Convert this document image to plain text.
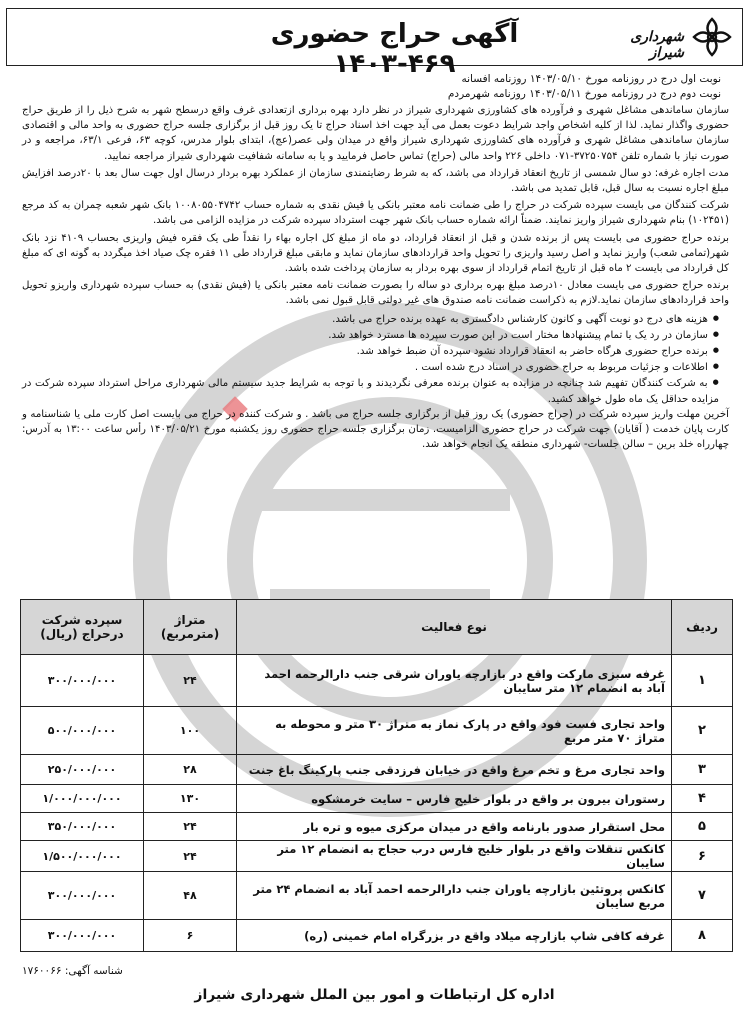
شهرداری شیراز
آگهی حراج حضوری ۴۶۹-۱۴۰۳ نوبت اول درج در روزنامه مورخ ۱۴۰۳/۰۵/۱۰ روزنامه افسانه
نوبت دوم درج در روزنامه مورخ ۱۴۰۳/۰۵/۱۱ روزنامه شهرمردم

سازمان ساماندهی مشاغل شهری و فرآورده های کشاورزی شهرداری شیراز در نظر دارد بهره برداری ازتعدادی غرف واقع درسطح شهر به شرح ذیل را از طریق حراج حضوری واگذار نماید. لذا از کلیه اشخاص واجد شرایط دعوت بعمل می آید جهت اخذ اسناد حراج تا یک روز قبل از برگزاری جلسه حراج حضوری به واحد مالی و اقتصادی سازمان ساماندهی مشاغل شهری و فرآورده های کشاورزی شهرداری شیراز واقع در میدان ولی عصر(عج)، ابتدای بلوار مدرس، کوچه ۶۳، فرعی ۶۳/۱، مراجعه و در صورت نیاز با شماره تلفن ۳۷۲۵۰۷۵۴-۰۷۱ داخلی ۲۲۶ واحد مالی (حراج) تماس حاصل فرمایید و یا به سامانه شفافیت شهرداری شیراز مراجعه نمایید.

مدت اجاره غرفه: دو سال شمسی از تاریخ انعقاد قرارداد می باشد، که به شرط رضایتمندی سازمان از عملکرد بهره بردار درسال اول جهت سال بعد با ۲۰درصد افزایش مبلغ اجاره نسبت به سال قبل، قابل تمدید می باشد.

شرکت کنندگان می بایست سپرده شرکت در حراج را طی ضمانت نامه معتبر بانکی یا فیش نقدی به شماره حساب ۱۰۰۸۰۵۵۰۴۷۴۲ بانک شهر شعبه چمران به کد مرجع (۱۰۲۴۵۱) بنام شهرداری شیراز واریز نمایند. ضمناً ارائه شماره حساب بانک شهر جهت استرداد سپرده شرکت در مزایده الزامی می باشد.

برنده حراج حضوری می بایست پس از برنده شدن و قبل از انعقاد قرارداد، دو ماه از مبلغ کل اجاره بهاء را نقداً طی یک فقره فیش واریزی بحساب ۴۱۰۹ نزد بانک شهر(تمامی شعب) واریز نماید و اصل رسید واریزی را تحویل واحد قراردادهای سازمان نماید و مابقی مبلغ قرارداد طی ۱۱ فقره چک صیاد اخذ میگردد به گونه ای که مبلغ کل قرارداد می بایست ۲ ماه قبل از تاریخ اتمام قرارداد از سوی بهره بردار به سازمان پرداخت شده باشد.

برنده حراج حضوری می بایست معادل ۱۰درصد مبلغ بهره برداری دو ساله را بصورت ضمانت نامه معتبر بانکی یا (فیش نقدی) به حساب سپرده شهرداری واریزو تحویل واحد قراردادهای سازمان نماید.لازم به ذکراست ضمانت نامه صندوق های غیر دولتی قابل قبول نمی باشد.

● هزینه های درج دو نوبت آگهی و کانون کارشناس دادگستری به عهده برنده حراج می باشد.
● سازمان در رد یک یا تمام پیشنهادها مختار است در این صورت سپرده ها مسترد خواهد شد.
● برنده حراج حضوری هرگاه حاضر به انعقاد قرارداد نشود سپرده آن ضبط خواهد شد.
● اطلاعات و جزئیات مربوط به حراج حضوری در اسناد درج شده است .
● به شرکت کنندگان تفهیم شد چنانچه در مزایده به عنوان برنده معرفی نگردیدند و با توجه به شرایط جدید سیستم مالی شهرداری مراحل استرداد سپرده شرکت در مزایده حداقل یک ماه طول خواهد کشید.

آخرین مهلت واریز سپرده شرکت در (حراج حضوری) یک روز قبل از برگزاری جلسه حراج می باشد . و شرکت کننده در حراج می بایست اصل کارت ملی یا شناسنامه و کارت پایان خدمت ( آقایان) جهت شرکت در حراج حضوری الزامیست. زمان برگزاری جلسه حراج حضوری روز یکشنبه مورخ ۱۴۰۳/۰۵/۲۱ رأس ساعت ۱۳:۰۰ به آدرس: چهارراه خلد برین – سالن جلسات- شهرداری منطقه یک انجام خواهد شد.

ردیف	نوع فعالیت	متراژ (مترمربع)	سپرده شرکت درحراج (ریال)
۱	غرفه سبزی مارکت واقع در بازارچه یاوران شرقی جنب دارالرحمه احمد آباد به انضمام ۱۲ متر سایبان	۲۴	۳۰۰/۰۰۰/۰۰۰
۲	واحد تجاری فست فود واقع در پارک نماز به متراژ ۳۰ متر و محوطه به متراژ ۷۰ متر مربع	۱۰۰	۵۰۰/۰۰۰/۰۰۰
۳	واحد تجاری مرغ و تخم مرغ واقع در خیابان فرزدقی جنب پارکینگ باغ جنت	۲۸	۲۵۰/۰۰۰/۰۰۰
۴	رستوران بیرون بر واقع در بلوار خلیج فارس – سایت خرمشکوه	۱۳۰	۱/۰۰۰/۰۰۰/۰۰۰
۵	محل استقرار صدور بارنامه واقع در میدان مرکزی میوه و تره بار	۲۴	۳۵۰/۰۰۰/۰۰۰
۶	کانکس تنقلات واقع در بلوار خلیج فارس درب حجاج به انضمام ۱۲ متر سایبان	۲۴	۱/۵۰۰/۰۰۰/۰۰۰
۷	کانکس پروتئین بازارچه یاوران جنب دارالرحمه احمد آباد به انضمام ۲۴ متر مربع سایبان	۴۸	۳۰۰/۰۰۰/۰۰۰
۸	غرفه کافی شاپ بازارچه میلاد واقع در بزرگراه امام خمینی (ره)	۶	۳۰۰/۰۰۰/۰۰۰
شناسه آگهی: ۱۷۶۰۰۶۶
اداره کل ارتباطات و امور بین الملل شهرداری شیراز
